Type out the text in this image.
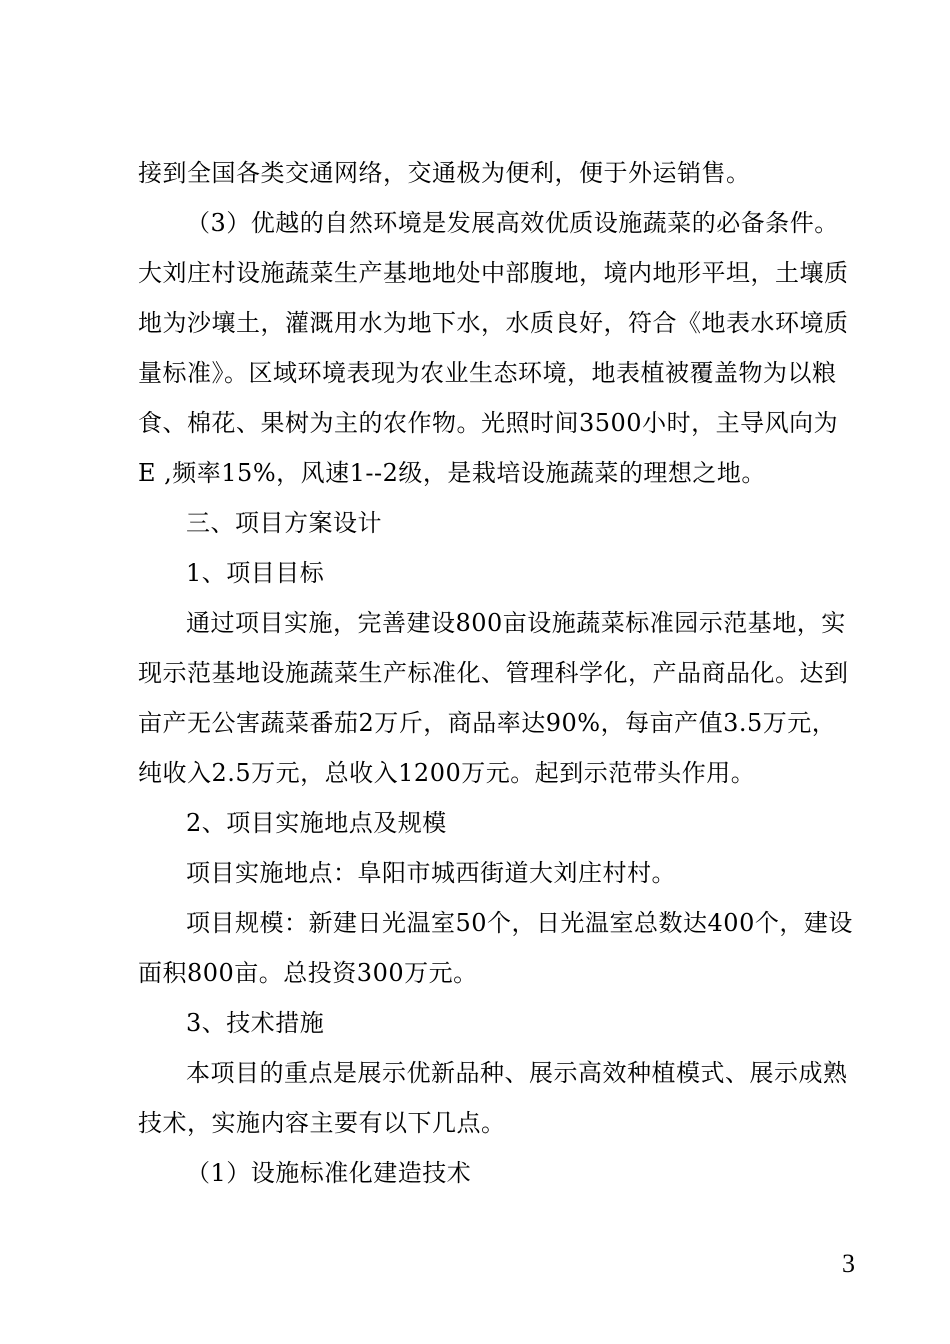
接到全国各类交通网络，交通极为便利，便于外运销售。
（3）优越的自然环境是发展高效优质设施蔬菜的必备条件。
大刘庄村设施蔬菜生产基地地处中部腹地，境内地形平坦，土壤质
地为沙壤土，灌溉用水为地下水，水质良好，符合《地表水环境质
量标准》。区域环境表现为农业生态环境，地表植被覆盖物为以粮
食、棉花、果树为主的农作物。光照时间3500小时，主导风向为
E ,频率15%，风速1--2级，是栽培设施蔬菜的理想之地。
三、项目方案设计
1、项目目标
通过项目实施，完善建设800亩设施蔬菜标准园示范基地，实
现示范基地设施蔬菜生产标准化、管理科学化，产品商品化。达到
亩产无公害蔬菜番茄2万斤，商品率达90%，每亩产值3.5万元，
纯收入2.5万元，总收入1200万元。起到示范带头作用。
2、项目实施地点及规模
项目实施地点：阜阳市城西街道大刘庄村村。
项目规模：新建日光温室50个，日光温室总数达400个，建设
面积800亩。总投资300万元。
3、技术措施
本项目的重点是展示优新品种、展示高效种植模式、展示成熟
技术，实施内容主要有以下几点。
（1）设施标准化建造技术
3
